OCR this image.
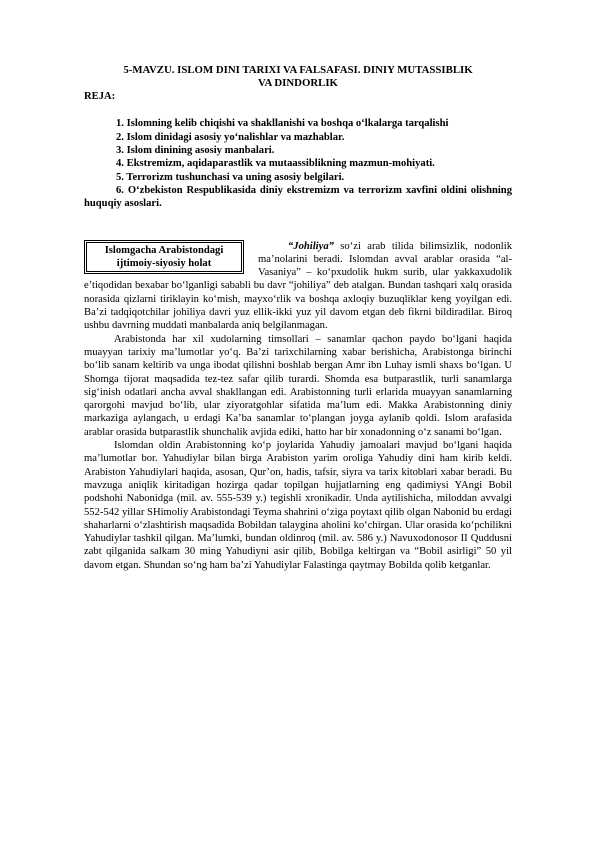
5-MAVZU. ISLOM DINI TARIXI VA FALSAFASI. DINIY MUTASSIBLIK
VA DINDORLIK
REJA:
1. Islomning kelib chiqishi va shakllanishi va boshqa o‘lkalarga tarqalishi
2. Islom dinidagi asosiy yo‘nalishlar va mazhablar.
3. Islom dinining asosiy manbalari.
4. Ekstremizm, aqidaparastlik va mutaassiblikning mazmun-mohiyati.
5. Terrorizm tushunchasi va uning asosiy belgilari.
6. O‘zbekiston Respublikasida diniy ekstremizm va terrorizm xavfini oldini olishning huquqiy asoslari.
Islomgacha Arabistondagi ijtimoiy-siyosiy holat

“Johiliya” so‘zi arab tilida bilimsizlik, nodonlik ma’nolarini beradi. Islomdan avval arablar orasida “al-Vasaniya” – ko‘pxudolik hukm surib, ular yakkaxudolik e’tiqodidan bexabar bo‘lganligi sababli bu davr “johiliya” deb atalgan. Bundan tashqari xalq orasida norasida qizlarni tiriklayin ko‘mish, mayxo‘rlik va boshqa axloqiy buzuqliklar keng yoyilgan edi. Ba’zi tadqiqotchilar johiliya davri yuz ellik-ikki yuz yil davom etgan deb fikrni bildiradilar. Biroq ushbu davrning muddati manbalarda aniq belgilanmagan.

Arabistonda har xil xudolarning timsollari – sanamlar qachon paydo bo‘lgani haqida muayyan tarixiy ma’lumotlar yo‘q. Ba’zi tarixchilarning xabar berishicha, Arabistonga birinchi bo‘lib sanam keltirib va unga ibodat qilishni boshlab bergan Amr ibn Luhay ismli shaxs bo‘lgan. U Shomga tijorat maqsadida tez-tez safar qilib turardi. Shomda esa butparastlik, turli sanamlarga sig‘inish odatlari ancha avval shakllangan edi. Arabistonning turli erlarida muayyan sanamlarning qarorgohi mavjud bo‘lib, ular ziyoratgohlar sifatida ma’lum edi. Makka Arabistonning diniy markaziga aylangach, u erdagi Ka’ba sanamlar to‘plangan joyga aylanib qoldi. Islom arafasida arablar orasida butparastlik shunchalik avjida ediki, hatto har bir xonadonning o‘z sanami bo‘lgan.

Islomdan oldin Arabistonning ko‘p joylarida Yahudiy jamoalari mavjud bo‘lgani haqida ma’lumotlar bor. Yahudiylar bilan birga Arabiston yarim oroliga Yahudiy dini ham kirib keldi. Arabiston Yahudiylari haqida, asosan, Qur’on, hadis, tafsir, siyra va tarix kitoblari xabar beradi. Bu mavzuga aniqlik kiritadigan hozirga qadar topilgan hujjatlarning eng qadimiysi YAngi Bobil podshohi Nabonidga (mil. av. 555-539 y.) tegishli xronikadir. Unda aytilishicha, miloddan avvalgi 552-542 yillar SHimoliy Arabistondagi Teyma shahrini o‘ziga poytaxt qilib olgan Nabonid bu erdagi shaharlarni o‘zlashtirish maqsadida Bobildan talaygina aholini ko‘chirgan. Ular orasida ko‘pchilikni Yahudiylar tashkil qilgan. Ma’lumki, bundan oldinroq (mil. av. 586 y.) Navuxodonosor II Quddusni zabt qilganida salkam 30 ming Yahudiyni asir qilib, Bobilga keltirgan va “Bobil asirligi” 50 yil davom etgan. Shundan so‘ng ham ba’zi Yahudiylar Falastinga qaytmay Bobilda qolib ketganlar.
